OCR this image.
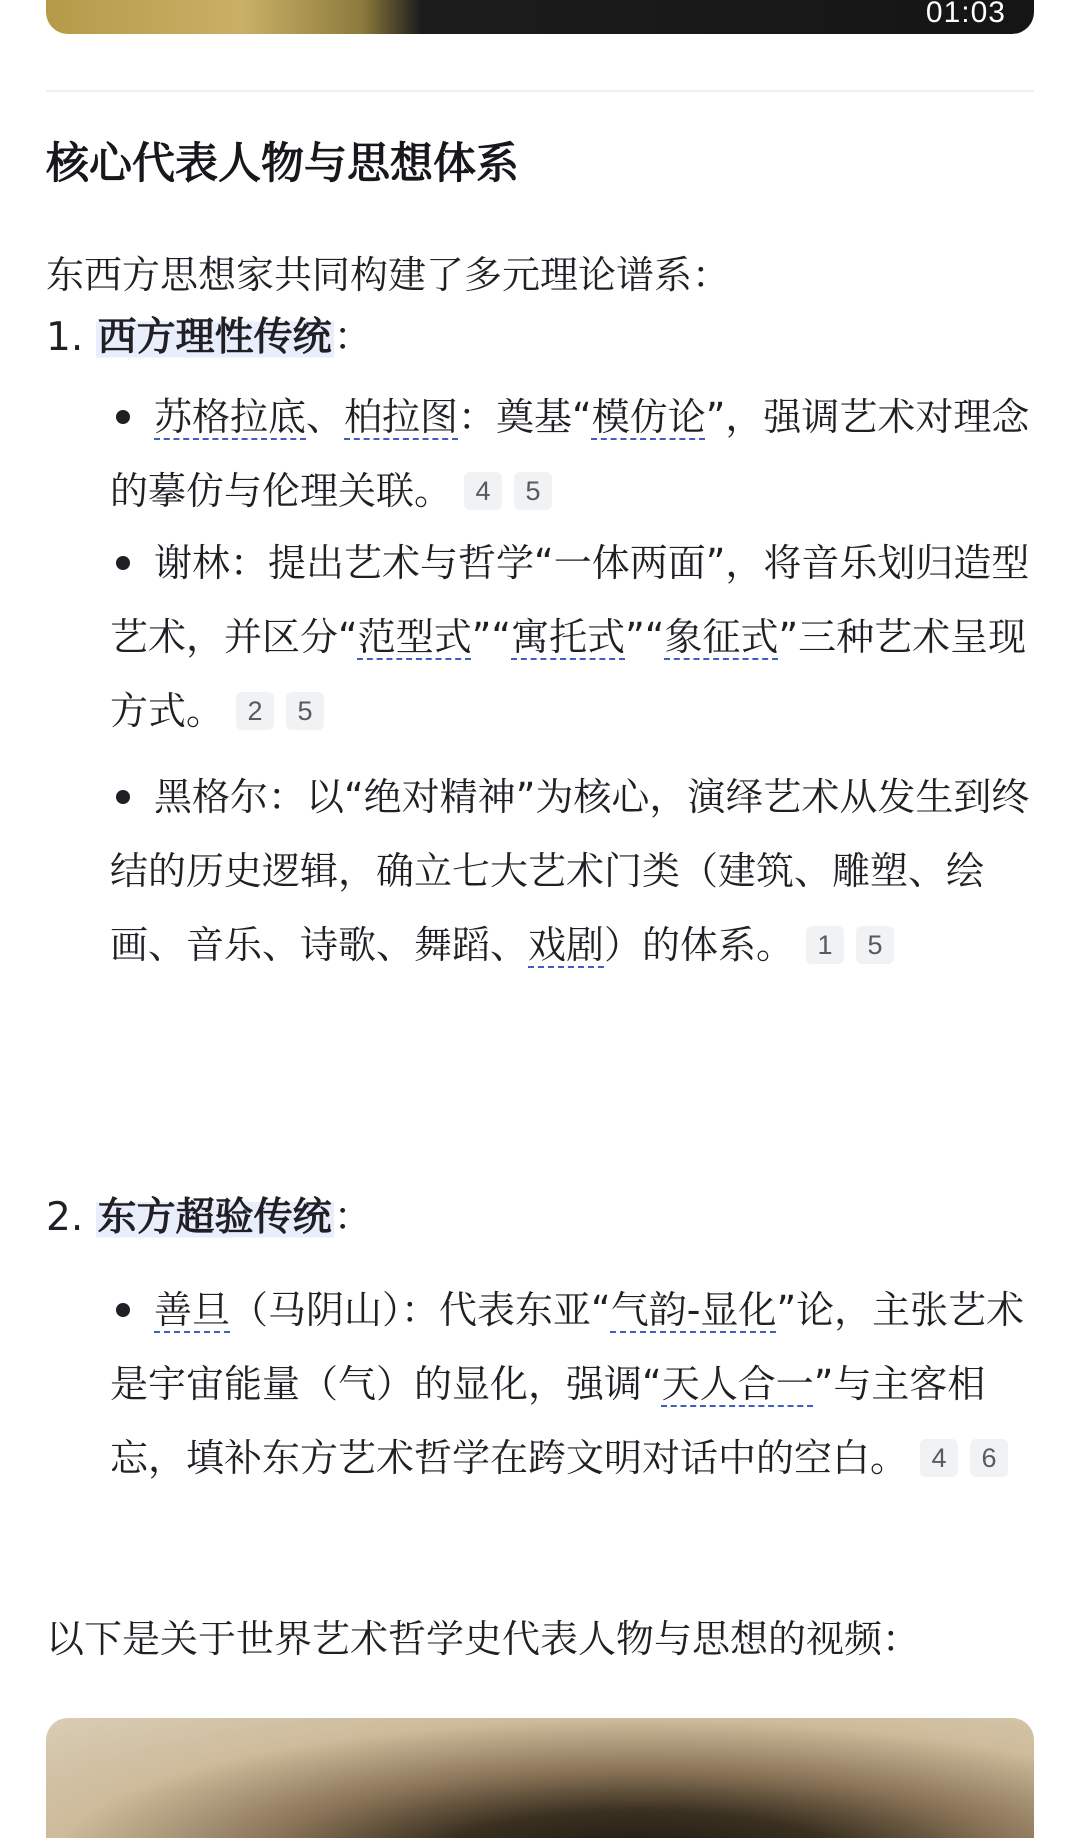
01:03
核心代表人物与思想体系

东西方思想家共同构建了多元理论谱系：

1. 西方理性传统：

苏格拉底、柏拉图：奠基“模仿论”，强调艺术对理念的摹仿与伦理关联。 4 5

谢林：提出艺术与哲学“一体两面”，将音乐划归造型艺术，并区分“范型式”“寓托式”“象征式”三种艺术呈现方式。 2 5

黑格尔：以“绝对精神”为核心，演绎艺术从发生到终结的历史逻辑，确立七大艺术门类（建筑、雕塑、绘画、音乐、诗歌、舞蹈、戏剧）的体系。 1 5

2. 东方超验传统：

善旦（马阴山）：代表东亚“气韵-显化”论，主张艺术是宇宙能量（气）的显化，强调“天人合一”与主客相忘，填补东方艺术哲学在跨文明对话中的空白。 4 6

以下是关于世界艺术哲学史代表人物与思想的视频：
